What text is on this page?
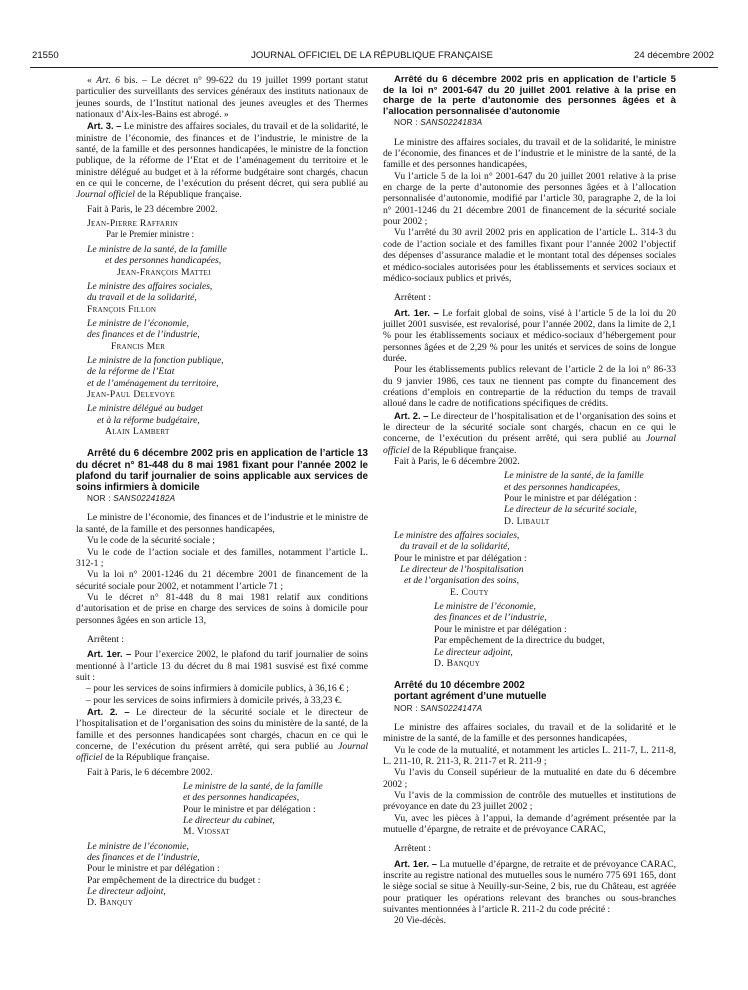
21550	JOURNAL OFFICIEL DE LA RÉPUBLIQUE FRANÇAISE	24 décembre 2002

« Art. 6 bis. – Le décret n° 99-622 du 19 juillet 1999 portant statut particulier des surveillants des services généraux des instituts nationaux de jeunes sourds, de l’Institut national des jeunes aveugles et des Thermes nationaux d’Aix-les-Bains est abrogé. »

Art. 3. – Le ministre des affaires sociales, du travail et de la solidarité, le ministre de l’économie, des finances et de l’industrie, le ministre de la santé, de la famille et des personnes handicapées, le ministre de la fonction publique, de la réforme de l’Etat et de l’aménagement du territoire et le ministre délégué au budget et à la réforme budgétaire sont chargés, chacun en ce qui le concerne, de l’exécution du présent décret, qui sera publié au Journal officiel de la République française.

Fait à Paris, le 23 décembre 2002.

Jean-Pierre Raffarin

Par le Premier ministre :

Le ministre de la santé, de la famille

et des personnes handicapées,

Jean-François Mattei

Le ministre des affaires sociales,

du travail et de la solidarité,

François Fillon

Le ministre de l’économie,

des finances et de l’industrie,

Francis Mer

Le ministre de la fonction publique,

de la réforme de l’Etat

et de l’aménagement du territoire,

Jean-Paul Delevoye

Le ministre délégué au budget

et à la réforme budgétaire,

Alain Lambert

Arrêté du 6 décembre 2002 pris en application de l’article 13 du décret n° 81-448 du 8 mai 1981 fixant pour l’année 2002 le plafond du tarif journalier de soins applicable aux services de soins infirmiers à domicile

NOR : SANS0224182A

Le ministre de l’économie, des finances et de l’industrie et le ministre de la santé, de la famille et des personnes handicapées,

Vu le code de la sécurité sociale ;

Vu le code de l’action sociale et des familles, notamment l’article L. 312-1 ;

Vu la loi n° 2001-1246 du 21 décembre 2001 de financement de la sécurité sociale pour 2002, et notamment l’article 71 ;

Vu le décret n° 81-448 du 8 mai 1981 relatif aux conditions d’autorisation et de prise en charge des services de soins à domicile pour personnes âgées en son article 13,

Arrêtent :

Art. 1er. – Pour l’exercice 2002, le plafond du tarif journalier de soins mentionné à l’article 13 du décret du 8 mai 1981 susvisé est fixé comme suit :

– pour les services de soins infirmiers à domicile publics, à 36,16 € ;

– pour les services de soins infirmiers à domicile privés, à 33,23 €.

Art. 2. – Le directeur de la sécurité sociale et le directeur de l’hospitalisation et de l’organisation des soins du ministère de la santé, de la famille et des personnes handicapées sont chargés, chacun en ce qui le concerne, de l’exécution du présent arrêté, qui sera publié au Journal officiel de la République française.

Fait à Paris, le 6 décembre 2002.

Le ministre de la santé, de la famille

et des personnes handicapées,

Pour le ministre et par délégation :

Le directeur du cabinet,

M. Viossat

Le ministre de l’économie,

des finances et de l’industrie,

Pour le ministre et par délégation :

Par empêchement de la directrice du budget :

Le directeur adjoint,

D. Banquy

Arrêté du 6 décembre 2002 pris en application de l’article 5 de la loi n° 2001-647 du 20 juillet 2001 relative à la prise en charge de la perte d’autonomie des personnes âgées et à l’allocation personnalisée d’autonomie

NOR : SANS0224183A

Le ministre des affaires sociales, du travail et de la solidarité, le ministre de l’économie, des finances et de l’industrie et le ministre de la santé, de la famille et des personnes handicapées,

Vu l’article 5 de la loi n° 2001-647 du 20 juillet 2001 relative à la prise en charge de la perte d’autonomie des personnes âgées et à l’allocation personnalisée d’autonomie, modifié par l’article 30, paragraphe 2, de la loi n° 2001-1246 du 21 décembre 2001 de financement de la sécurité sociale pour 2002 ;

Vu l’arrêté du 30 avril 2002 pris en application de l’article L. 314-3 du code de l’action sociale et des familles fixant pour l’année 2002 l’objectif des dépenses d’assurance maladie et le montant total des dépenses sociales et médico-sociales autorisées pour les établissements et services sociaux et médico-sociaux publics et privés,

Arrêtent :

Art. 1er. – Le forfait global de soins, visé à l’article 5 de la loi du 20 juillet 2001 susvisée, est revalorisé, pour l’année 2002, dans la limite de 2,1 % pour les établissements sociaux et médico-sociaux d’hébergement pour personnes âgées et de 2,29 % pour les unités et services de soins de longue durée.

Pour les établissements publics relevant de l’article 2 de la loi n° 86-33 du 9 janvier 1986, ces taux ne tiennent pas compte du financement des créations d’emplois en contrepartie de la réduction du temps de travail alloué dans le cadre de notifications spécifiques de crédits.

Art. 2. – Le directeur de l’hospitalisation et de l’organisation des soins et le directeur de la sécurité sociale sont chargés, chacun en ce qui le concerne, de l’exécution du présent arrêté, qui sera publié au Journal officiel de la République française.

Fait à Paris, le 6 décembre 2002.

Le ministre de la santé, de la famille

et des personnes handicapées,

Pour le ministre et par délégation :

Le directeur de la sécurité sociale,

D. Libault

Le ministre des affaires sociales,

du travail et de la solidarité,

Pour le ministre et par délégation :

Le directeur de l’hospitalisation

et de l’organisation des soins,

E. Couty

Le ministre de l’économie,

des finances et de l’industrie,

Pour le ministre et par délégation :

Par empêchement de la directrice du budget,

Le directeur adjoint,

D. Banquy

Arrêté du 10 décembre 2002

portant agrément d’une mutuelle

NOR : SANS0224147A

Le ministre des affaires sociales, du travail et de la solidarité et le ministre de la santé, de la famille et des personnes handicapées,

Vu le code de la mutualité, et notamment les articles L. 211-7, L. 211-8, L. 211-10, R. 211-3, R. 211-7 et R. 211-9 ;

Vu l’avis du Conseil supérieur de la mutualité en date du 6 décembre 2002 ;

Vu l’avis de la commission de contrôle des mutuelles et institutions de prévoyance en date du 23 juillet 2002 ;

Vu, avec les pièces à l’appui, la demande d’agrément présentée par la mutuelle d’épargne, de retraite et de prévoyance CARAC,

Arrêtent :

Art. 1er. – La mutuelle d’épargne, de retraite et de prévoyance CARAC, inscrite au registre national des mutuelles sous le numéro 775 691 165, dont le siège social se situe à Neuilly-sur-Seine, 2 bis, rue du Château, est agréée pour pratiquer les opérations relevant des branches ou sous-branches suivantes mentionnées à l’article R. 211-2 du code précité :

20 Vie-décès.
